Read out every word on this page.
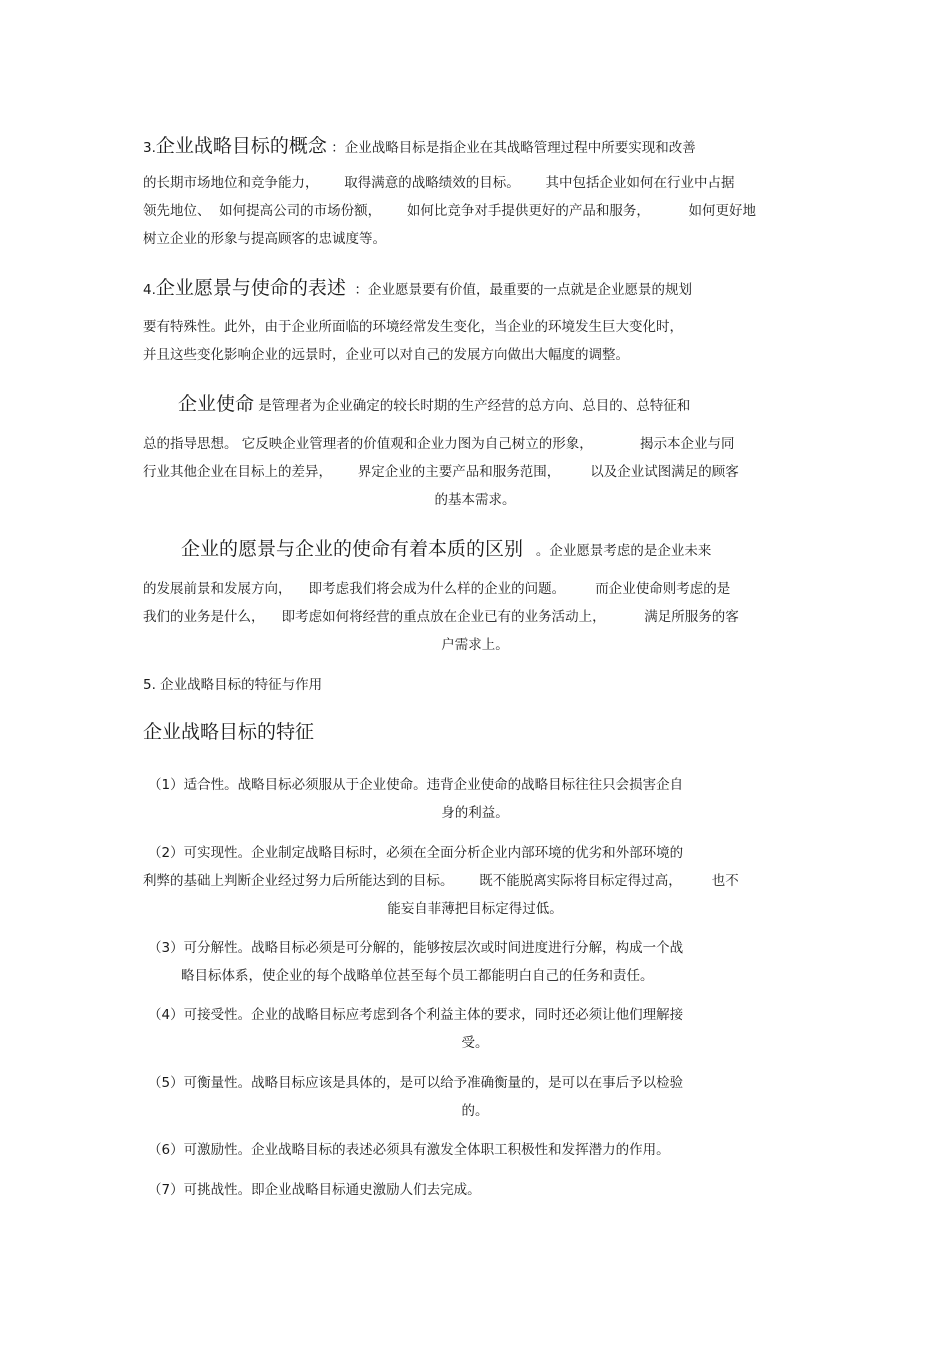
3.企业战略目标的概念 ：企业战略目标是指企业在其战略管理过程中所要实现和改善
的长期市场地位和竞争能力，      取得满意的战略绩效的目标。      其中包括企业如何在行业中占据
领先地位、  如何提高公司的市场份额，      如何比竞争对手提供更好的产品和服务，         如何更好地
树立企业的形象与提高顾客的忠诚度等。
4.企业愿景与使命的表述  ：企业愿景要有价值，最重要的一点就是企业愿景的规划
要有特殊性。此外，由于企业所面临的环境经常发生变化，当企业的环境发生巨大变化时，
并且这些变化影响企业的远景时，企业可以对自己的发展方向做出大幅度的调整。
企业使命 是管理者为企业确定的较长时期的生产经营的总方向、总目的、总特征和
总的指导思想。 它反映企业管理者的价值观和企业力图为自己树立的形象，           揭示本企业与同
行业其他企业在目标上的差异，      界定企业的主要产品和服务范围，       以及企业试图满足的顾客
的基本需求。
企业的愿景与企业的使命有着本质的区别   。企业愿景考虑的是企业未来
的发展前景和发展方向，    即考虑我们将会成为什么样的企业的问题。       而企业使命则考虑的是
我们的业务是什么，    即考虑如何将经营的重点放在企业已有的业务活动上，         满足所服务的客
户需求上。
5. 企业战略目标的特征与作用
企业战略目标的特征
（1）适合性。战略目标必须服从于企业使命。违背企业使命的战略目标往往只会损害企自
身的利益。
（2）可实现性。企业制定战略目标时，必须在全面分析企业内部环境的优劣和外部环境的
利弊的基础上判断企业经过努力后所能达到的目标。      既不能脱离实际将目标定得过高，       也不
能妄自菲薄把目标定得过低。
（3）可分解性。战略目标必须是可分解的，能够按层次或时间进度进行分解，构成一个战
略目标体系，使企业的每个战略单位甚至每个员工都能明白自己的任务和责任。
（4）可接受性。企业的战略目标应考虑到各个利益主体的要求，同时还必须让他们理解接
受。
（5）可衡量性。战略目标应该是具体的，是可以给予准确衡量的，是可以在事后予以检验
的。
（6）可激励性。企业战略目标的表述必须具有激发全体职工积极性和发挥潜力的作用。
（7）可挑战性。即企业战略目标通史激励人们去完成。
